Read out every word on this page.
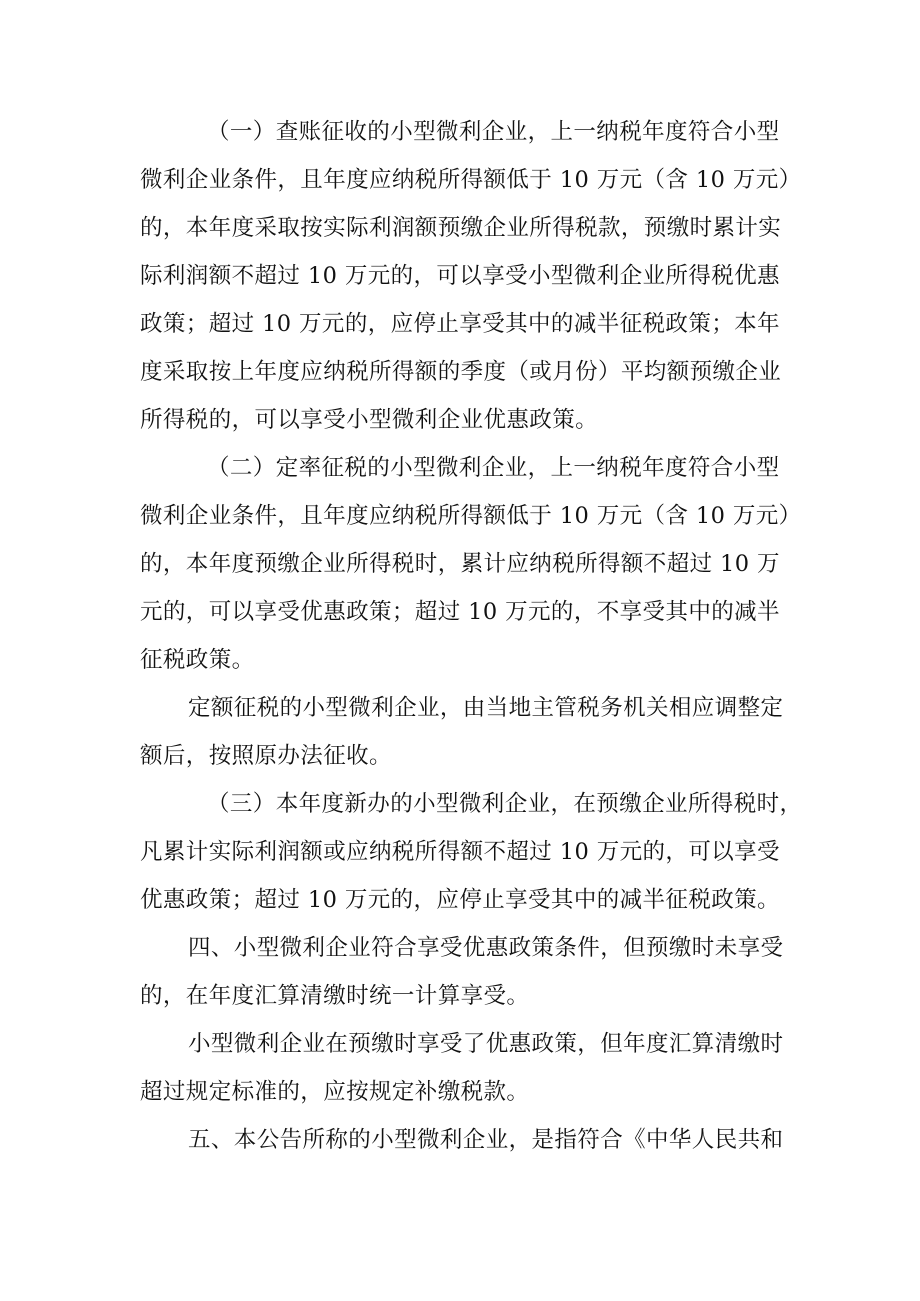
（一）查账征收的小型微利企业，上一纳税年度符合小型
微利企业条件，且年度应纳税所得额低于 10 万元（含 10 万元）
的，本年度采取按实际利润额预缴企业所得税款，预缴时累计实
际利润额不超过 10 万元的，可以享受小型微利企业所得税优惠
政策；超过 10 万元的，应停止享受其中的减半征税政策；本年
度采取按上年度应纳税所得额的季度（或月份）平均额预缴企业
所得税的，可以享受小型微利企业优惠政策。
（二）定率征税的小型微利企业，上一纳税年度符合小型
微利企业条件，且年度应纳税所得额低于 10 万元（含 10 万元）
的，本年度预缴企业所得税时，累计应纳税所得额不超过 10 万
元的，可以享受优惠政策；超过 10 万元的，不享受其中的减半
征税政策。
定额征税的小型微利企业，由当地主管税务机关相应调整定
额后，按照原办法征收。
（三）本年度新办的小型微利企业，在预缴企业所得税时，
凡累计实际利润额或应纳税所得额不超过 10 万元的，可以享受
优惠政策；超过 10 万元的，应停止享受其中的减半征税政策。
四、小型微利企业符合享受优惠政策条件，但预缴时未享受
的，在年度汇算清缴时统一计算享受。
小型微利企业在预缴时享受了优惠政策，但年度汇算清缴时
超过规定标准的，应按规定补缴税款。
五、本公告所称的小型微利企业，是指符合《中华人民共和
